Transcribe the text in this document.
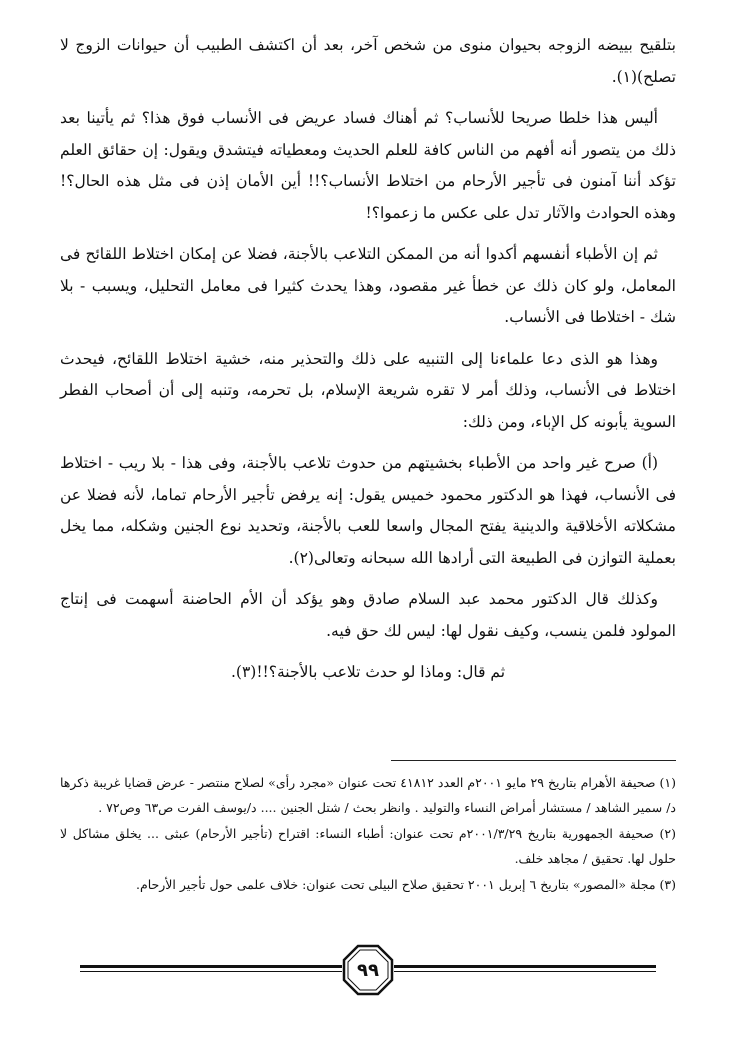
بتلقيح بييضه الزوجه بحيوان منوى من شخص آخر، بعد أن اكتشف الطبيب أن حيوانات الزوج لا تصلح)(١).

أليس هذا خلطا صريحا للأنساب؟ ثم أهناك فساد عريض فى الأنساب فوق هذا؟ ثم يأتينا بعد ذلك من يتصور أنه أفهم من الناس كافة للعلم الحديث ومعطياته فيتشدق ويقول: إن حقائق العلم تؤكد أننا آمنون فى تأجير الأرحام من اختلاط الأنساب؟!! أين الأمان إذن فى مثل هذه الحال؟! وهذه الحوادث والآثار تدل على عكس ما زعموا؟!

ثم إن الأطباء أنفسهم أكدوا أنه من الممكن التلاعب بالأجنة، فضلا عن إمكان اختلاط اللقائح فى المعامل، ولو كان ذلك عن خطأ غير مقصود، وهذا يحدث كثيرا فى معامل التحليل، ويسبب - بلا شك - اختلاطا فى الأنساب.

وهذا هو الذى دعا علماءنا إلى التنبيه على ذلك والتحذير منه، خشية اختلاط اللقائح، فيحدث اختلاط فى الأنساب، وذلك أمر لا تقره شريعة الإسلام، بل تحرمه، وتنبه إلى أن أصحاب الفطر السوية يأبونه كل الإباء، ومن ذلك:

(أ) صرح غير واحد من الأطباء بخشيتهم من حدوث تلاعب بالأجنة، وفى هذا - بلا ريب - اختلاط فى الأنساب، فهذا هو الدكتور محمود خميس يقول: إنه يرفض تأجير الأرحام تماما، لأنه فضلا عن مشكلاته الأخلاقية والدينية يفتح المجال واسعا للعب بالأجنة، وتحديد نوع الجنين وشكله، مما يخل بعملية التوازن فى الطبيعة التى أرادها الله سبحانه وتعالى(٢).

وكذلك قال الدكتور محمد عبد السلام صادق وهو يؤكد أن الأم الحاضنة أسهمت فى إنتاج المولود فلمن ينسب، وكيف نقول لها: ليس لك حق فيه.

ثم قال: وماذا لو حدث تلاعب بالأجنة؟!!(٣).

(١) صحيفة الأهرام بتاريخ ٢٩ مايو ٢٠٠١م العدد ٤١٨١٢ تحت عنوان «مجرد رأى» لصلاح منتصر - عرض قضايا غريبة ذكرها د/ سمير الشاهد / مستشار أمراض النساء والتوليد . وانظر بحث / شتل الجنين .... د/يوسف الفرت ص٦٣ وص٧٢ .

(٢) صحيفة الجمهورية بتاريخ ٢٠٠١/٣/٢٩م تحت عنوان: أطباء النساء: اقتراح (تأجير الأرحام) عبثى ... يخلق مشاكل لا حلول لها. تحقيق / مجاهد خلف.

(٣) مجلة «المصور» بتاريخ ٦ إبريل ٢٠٠١ تحقيق صلاح البيلى تحت عنوان: خلاف علمى حول تأجير الأرحام.

٩٩
